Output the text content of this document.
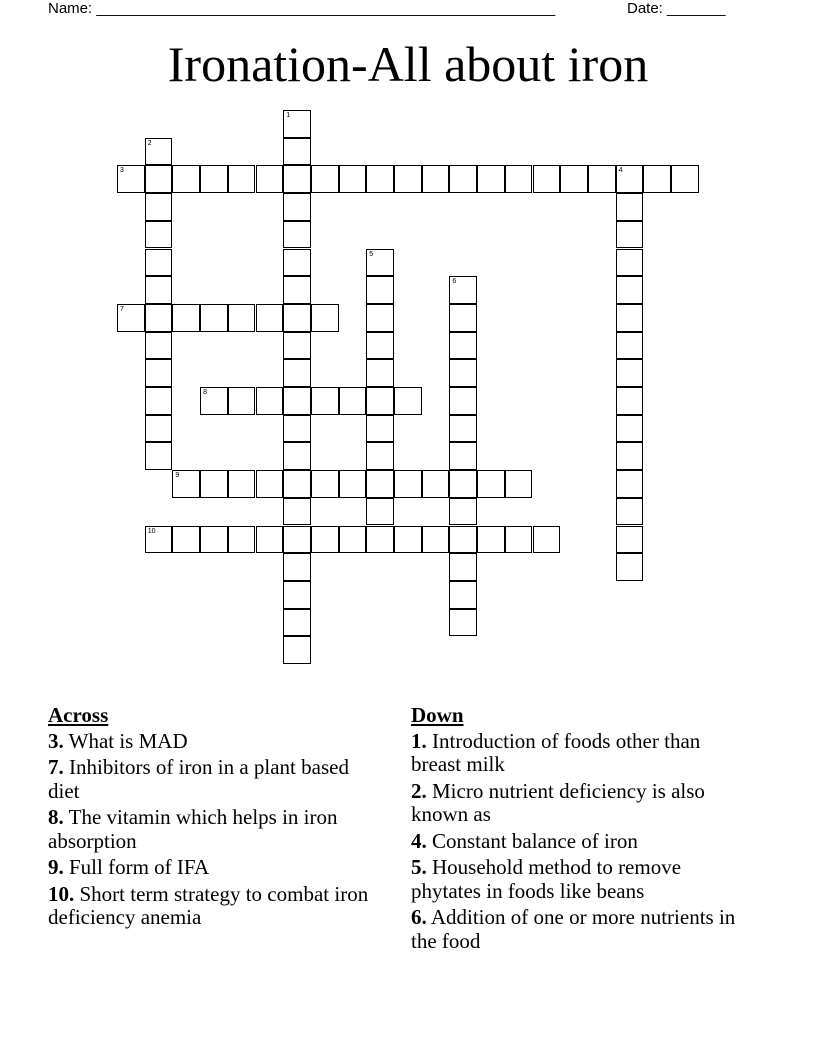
Name: _______________________________________________________	Date: _______
Ironation-All about iron
1
2
3	4
5
6
7
8
9
10
Across
3. What is MAD
7. Inhibitors of iron in a plant based diet
8. The vitamin which helps in iron absorption
9. Full form of IFA
10. Short term strategy to combat iron deficiency anemia
Down
1. Introduction of foods other than breast milk
2. Micro nutrient deficiency is also known as
4. Constant balance of iron
5. Household method to remove phytates in foods like beans
6. Addition of one or more nutrients in the food
